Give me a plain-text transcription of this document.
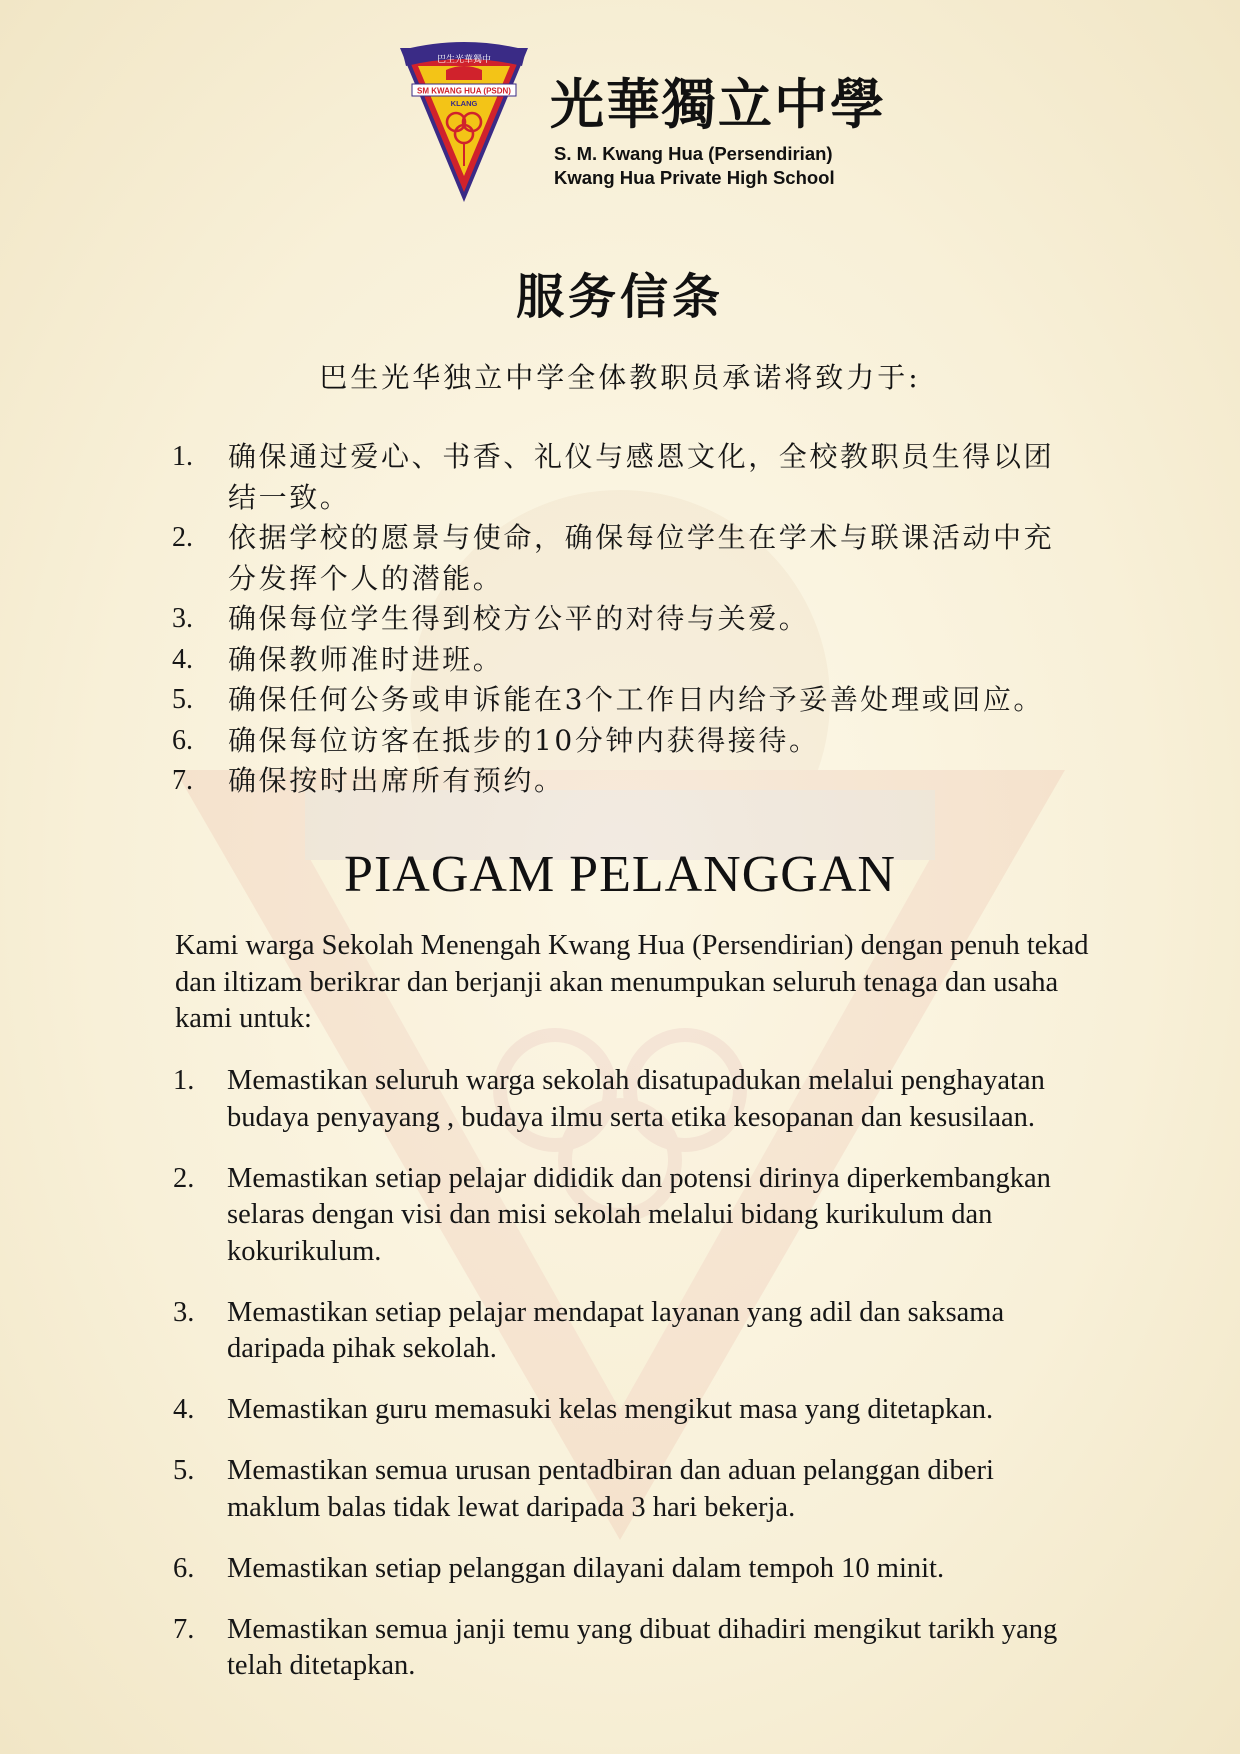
巴生光華獨中
SM KWANG HUA (PSDN)
KLANG 光華獨立中學
S. M. Kwang Hua (Persendirian)
Kwang Hua Private High School
服务信条
巴生光华独立中学全体教职员承诺将致力于:
1. 确保通过爱心、书香、礼仪与感恩文化，全校教职员生得以团结一致。
2. 依据学校的愿景与使命，确保每位学生在学术与联课活动中充分发挥个人的潜能。
3. 确保每位学生得到校方公平的对待与关爱。
4. 确保教师准时进班。
5. 确保任何公务或申诉能在3个工作日内给予妥善处理或回应。
6. 确保每位访客在抵步的10分钟内获得接待。
7. 确保按时出席所有预约。
PIAGAM PELANGGAN
Kami warga Sekolah Menengah Kwang Hua (Persendirian) dengan penuh tekad dan iltizam berikrar dan berjanji akan menumpukan seluruh tenaga dan usaha kami untuk:
1. Memastikan seluruh warga sekolah disatupadukan melalui penghayatan budaya penyayang , budaya ilmu serta etika kesopanan dan kesusilaan.
2. Memastikan setiap pelajar dididik dan potensi dirinya diperkembangkan selaras dengan visi dan misi sekolah melalui bidang kurikulum dan kokurikulum.
3. Memastikan setiap pelajar mendapat layanan yang adil dan saksama daripada pihak sekolah.
4. Memastikan guru memasuki kelas mengikut masa yang ditetapkan.
5. Memastikan semua urusan pentadbiran dan aduan pelanggan diberi maklum balas tidak lewat daripada 3 hari bekerja.
6. Memastikan setiap pelanggan dilayani dalam tempoh 10 minit.
7. Memastikan semua janji temu yang dibuat dihadiri mengikut tarikh yang telah ditetapkan.
